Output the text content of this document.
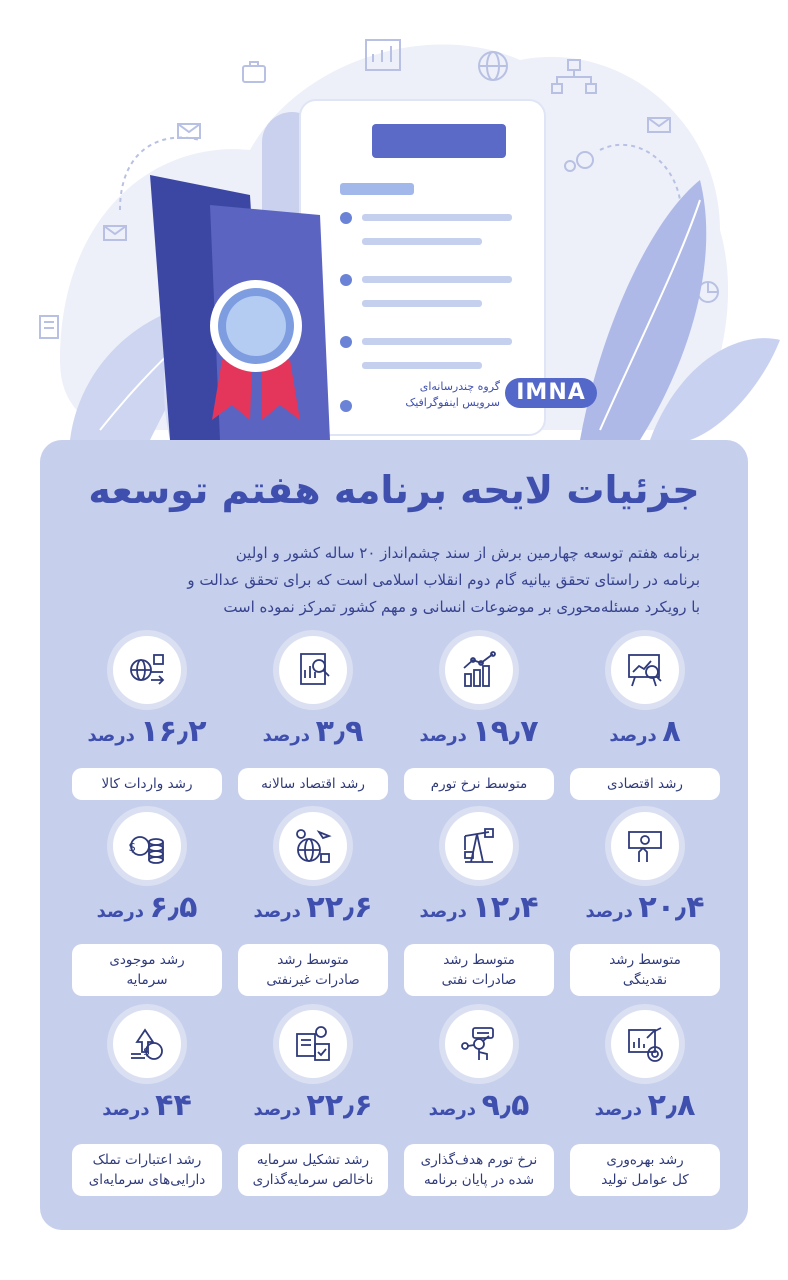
IMNA
گروه چندرسانه‌ای
سرویس اینفوگرافیک
جزئیات لایحه برنامه هفتم توسعه
برنامه هفتم توسعه چهارمین برش از سند چشم‌انداز ۲۰ ساله کشور و اولین
برنامه در راستای تحقق بیانیه گام دوم انقلاب اسلامی است که برای تحقق عدالت و
با رویکرد مسئله‌محوری بر موضوعات انسانی و مهم کشور تمرکز نموده است
۸ درصد
رشد اقتصادی
۱۹٫۷ درصد
متوسط نرخ تورم
۳٫۹ درصد
رشد اقتصاد سالانه
۱۶٫۲ درصد
رشد واردات کالا
۲۰٫۴ درصد
متوسط رشد
نقدینگی
۱۲٫۴ درصد
متوسط رشد
صادرات نفتی
۲۲٫۶ درصد
متوسط رشد
صادرات غیرنفتی
$
۶٫۵ درصد
رشد موجودی
سرمایه
۲٫۸ درصد
رشد بهره‌وری
کل عوامل تولید
۹٫۵ درصد
نرخ تورم هدف‌گذاری
شده در پایان برنامه
۲۲٫۶ درصد
رشد تشکیل سرمایه
ناخالص سرمایه‌گذاری
$
۴۴ درصد
رشد اعتبارات تملک
دارایی‌های سرمایه‌ای
